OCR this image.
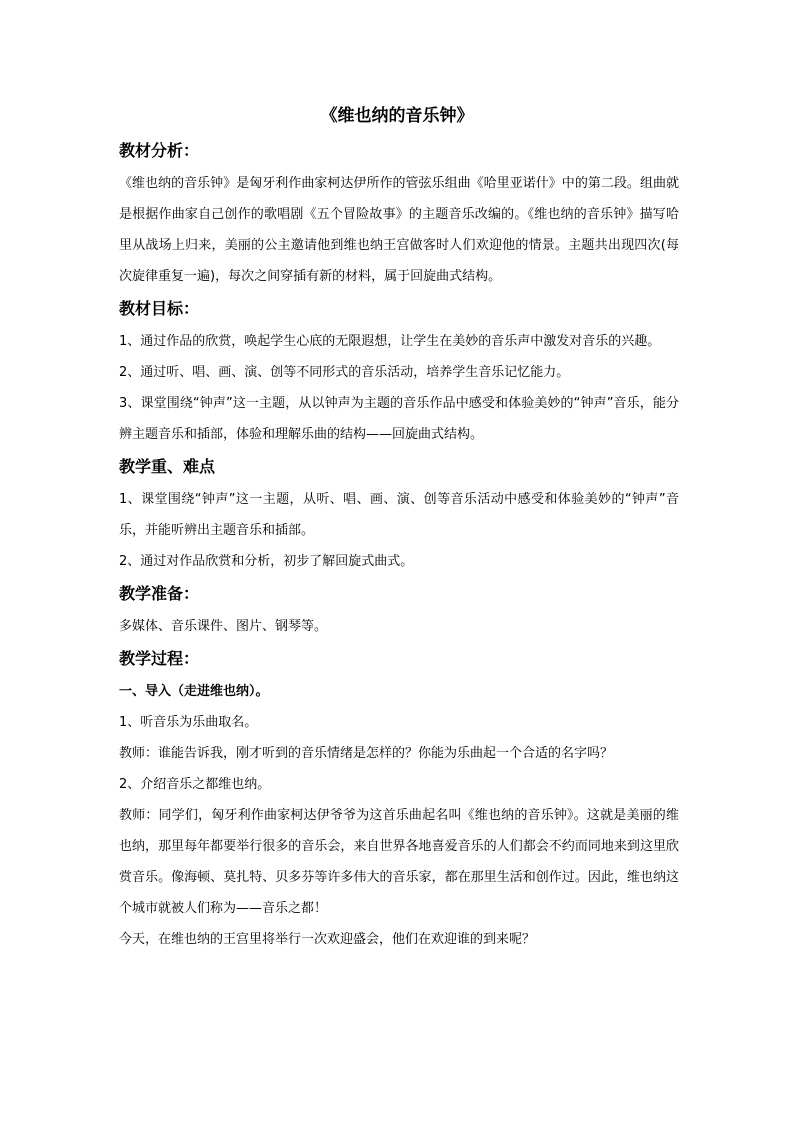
《维也纳的音乐钟》
教材分析：

《维也纳的音乐钟》是匈牙利作曲家柯达伊所作的管弦乐组曲《哈里亚诺什》中的第二段。组曲就是根据作曲家自己创作的歌唱剧《五个冒险故事》的主题音乐改编的。《维也纳的音乐钟》描写哈里从战场上归来，美丽的公主邀请他到维也纳王宫做客时人们欢迎他的情景。主题共出现四次(每次旋律重复一遍)，每次之间穿插有新的材料，属于回旋曲式结构。

教材目标：

1、通过作品的欣赏，唤起学生心底的无限遐想，让学生在美妙的音乐声中激发对音乐的兴趣。

2、通过听、唱、画、演、创等不同形式的音乐活动，培养学生音乐记忆能力。

3、课堂围绕“钟声”这一主题，从以钟声为主题的音乐作品中感受和体验美妙的“钟声”音乐，能分辨主题音乐和插部，体验和理解乐曲的结构——回旋曲式结构。

教学重、难点

1、课堂围绕“钟声”这一主题，从听、唱、画、演、创等音乐活动中感受和体验美妙的“钟声”音乐，并能听辨出主题音乐和插部。

2、通过对作品欣赏和分析，初步了解回旋式曲式。

教学准备：

多媒体、音乐课件、图片、钢琴等。

教学过程：

一、导入（走进维也纳）。

1、听音乐为乐曲取名。

教师：谁能告诉我，刚才听到的音乐情绪是怎样的？你能为乐曲起一个合适的名字吗？

2、介绍音乐之都维也纳。

教师：同学们，匈牙利作曲家柯达伊爷爷为这首乐曲起名叫《维也纳的音乐钟》。这就是美丽的维也纳，那里每年都要举行很多的音乐会，来自世界各地喜爱音乐的人们都会不约而同地来到这里欣赏音乐。像海顿、莫扎特、贝多芬等许多伟大的音乐家，都在那里生活和创作过。因此，维也纳这个城市就被人们称为——音乐之都！

今天，在维也纳的王宫里将举行一次欢迎盛会，他们在欢迎谁的到来呢？
